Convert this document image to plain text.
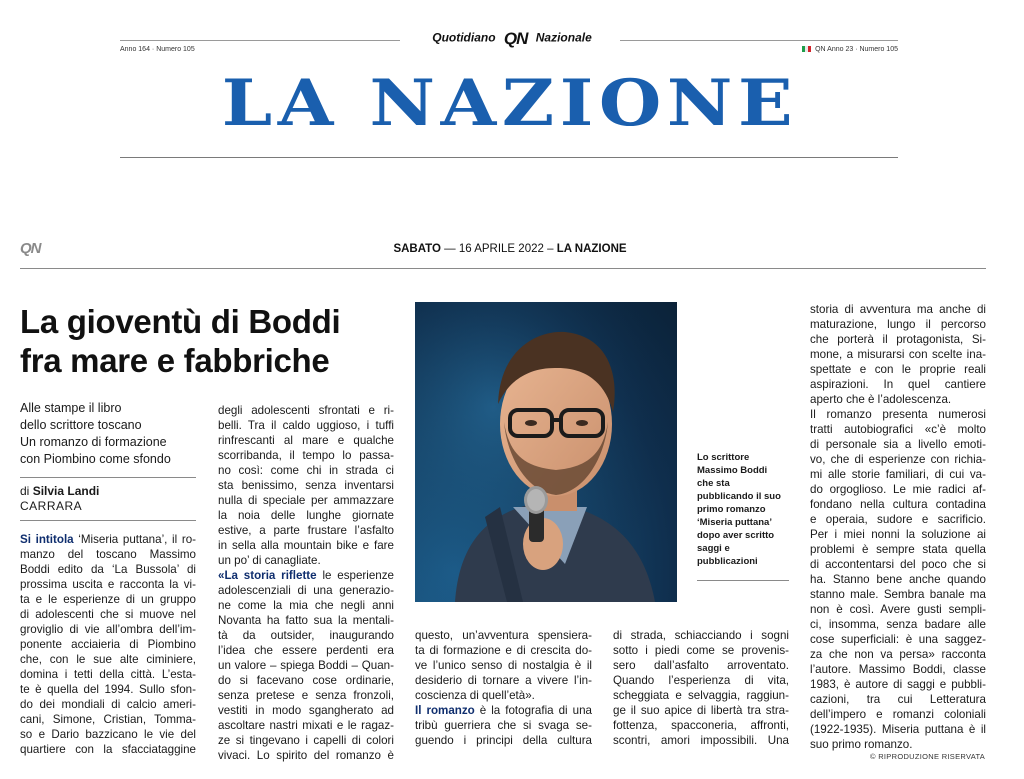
Anno 164 · Numero 105
Quotidiano QN Nazionale
QN Anno 23 · Numero 105
LA NAZIONE
QN	SABATO — 16 APRILE 2022 – LA NAZIONE
La gioventù di Boddi
fra mare e fabbriche
Alle stampe il libro
dello scrittore toscano
Un romanzo di formazione
con Piombino come sfondo
di Silvia Landi
CARRARA
Si intitola ‘Miseria puttana’, il ro-
manzo del toscano Massimo
Boddi edito da ‘La Bussola’ di
prossima uscita e racconta la vi-
ta e le esperienze di un gruppo
di adolescenti che si muove nel
groviglio di vie all’ombra dell’im-
ponente acciaieria di Piombino
che, con le sue alte ciminiere,
domina i tetti della città. L’esta-
te è quella del 1994. Sullo sfon-
do dei mondiali di calcio ameri-
cani, Simone, Cristian, Tomma-
so e Dario bazzicano le vie del
quartiere con la sfacciataggine
degli adolescenti sfrontati e ri-
belli. Tra il caldo uggioso, i tuffi
rinfrescanti al mare e qualche
scorribanda, il tempo lo passa-
no così: come chi in strada ci
sta benissimo, senza inventarsi
nulla di speciale per ammazzare
la noia delle lunghe giornate
estive, a parte frustare l’asfalto
in sella alla mountain bike e fare
un po’ di canagliate.
«La storia riflette le esperienze
adolescenziali di una generazio-
ne come la mia che negli anni
Novanta ha fatto sua la mentali-
tà da outsider, inaugurando
l’idea che essere perdenti era
un valore – spiega Boddi – Quan-
do si facevano cose ordinarie,
senza pretese e senza fronzoli,
vestiti in modo sgangherato ad
ascoltare nastri mixati e le ragaz-
ze si tingevano i capelli di colori
vivaci. Lo spirito del romanzo è
questo, un’avventura spensiera-
ta di formazione e di crescita do-
ve l’unico senso di nostalgia è il
desiderio di tornare a vivere l’in-
coscienza di quell’età».
Il romanzo è la fotografia di una
tribù guerriera che si svaga se-
guendo i principi della cultura
di strada, schiacciando i sogni
sotto i piedi come se provenis-
sero dall’asfalto arroventato.
Quando l’esperienza di vita,
scheggiata e selvaggia, raggiun-
ge il suo apice di libertà tra stra-
fottenza, spacconeria, affronti,
scontri, amori impossibili. Una
storia di avventura ma anche di
maturazione, lungo il percorso
che porterà il protagonista, Si-
mone, a misurarsi con scelte ina-
spettate e con le proprie reali
aspirazioni. In quel cantiere
aperto che è l’adolescenza.
Il romanzo presenta numerosi
tratti autobiografici «c’è molto
di personale sia a livello emoti-
vo, che di esperienze con richia-
mi alle storie familiari, di cui va-
do orgoglioso. Le mie radici af-
fondano nella cultura contadina
e operaia, sudore e sacrificio.
Per i miei nonni la soluzione ai
problemi è sempre stata quella
di accontentarsi del poco che si
ha. Stanno bene anche quando
stanno male. Sembra banale ma
non è così. Avere gusti sempli-
ci, insomma, senza badare alle
cose superficiali: è una saggez-
za che non va persa» racconta
l’autore. Massimo Boddi, classe
1983, è autore di saggi e pubbli-
cazioni, tra cui Letteratura
dell’impero e romanzi coloniali
(1922-1935). Miseria puttana è il
suo primo romanzo.
Lo scrittore
Massimo Boddi
che sta
pubblicando il suo
primo romanzo
‘Miseria puttana’
dopo aver scritto
saggi e
pubblicazioni
© RIPRODUZIONE RISERVATA
